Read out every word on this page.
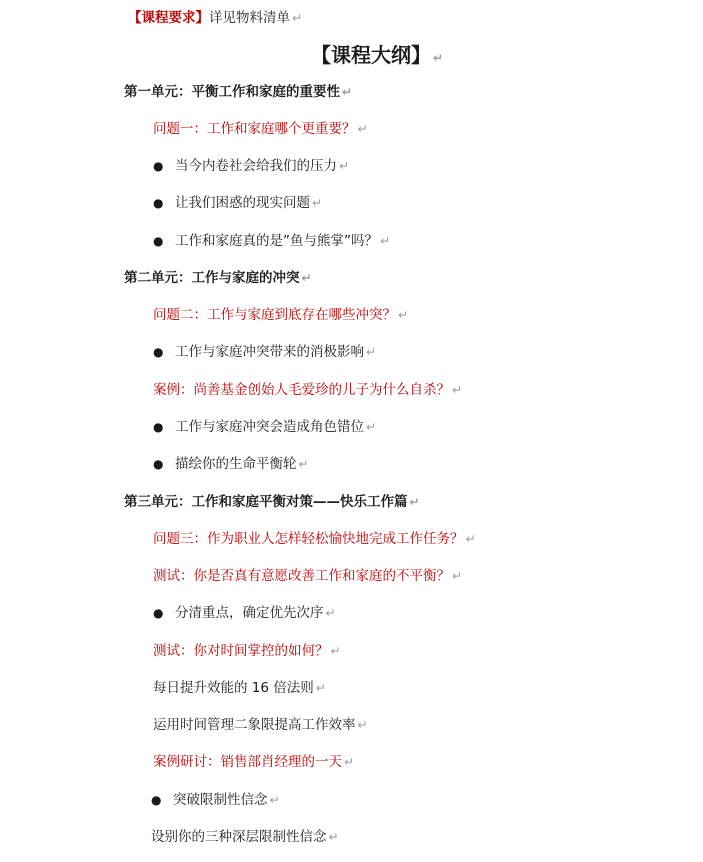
【课程要求】详见物料清单 ↵
【课程大纲】 ↵
第一单元：平衡工作和家庭的重要性 ↵
问题一：工作和家庭哪个更重要？ ↵
● 当今内卷社会给我们的压力 ↵
● 让我们困惑的现实问题 ↵
● 工作和家庭真的是”鱼与熊掌”吗？ ↵
第二单元：工作与家庭的冲突 ↵
问题二：工作与家庭到底存在哪些冲突？ ↵
● 工作与家庭冲突带来的消极影响 ↵
案例：尚善基金创始人毛爱珍的儿子为什么自杀？ ↵
● 工作与家庭冲突会造成角色错位 ↵
● 描绘你的生命平衡轮 ↵
第三单元：工作和家庭平衡对策——快乐工作篇 ↵
问题三：作为职业人怎样轻松愉快地完成工作任务？ ↵
测试：你是否真有意愿改善工作和家庭的不平衡？ ↵
● 分清重点，确定优先次序 ↵
测试：你对时间掌控的如何？ ↵
每日提升效能的 16 倍法则 ↵
运用时间管理二象限提高工作效率 ↵
案例研讨：销售部肖经理的一天 ↵
● 突破限制性信念 ↵
设别你的三种深层限制性信念 ↵
